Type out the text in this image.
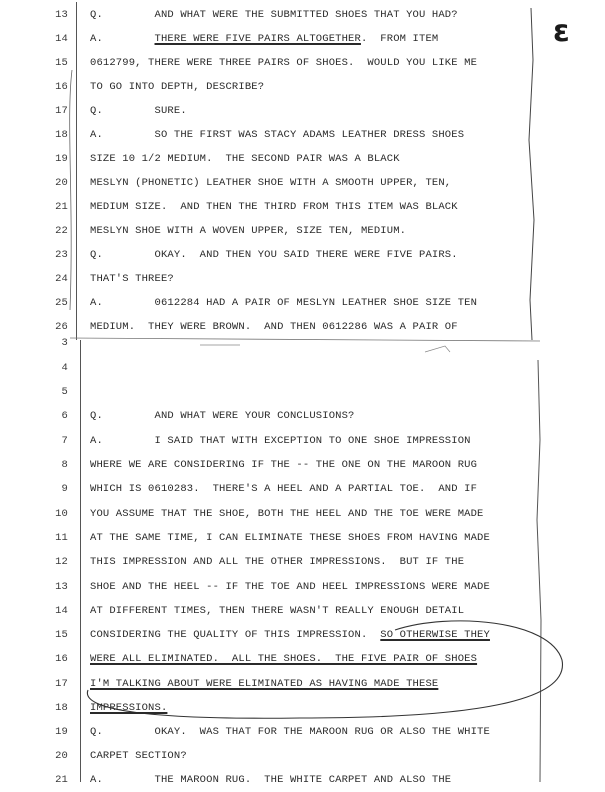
ε
13 Q.        AND WHAT WERE THE SUBMITTED SHOES THAT YOU HAD?
14 A.        THERE WERE FIVE PAIRS ALTOGETHER.  FROM ITEM
15 0612799, THERE WERE THREE PAIRS OF SHOES.  WOULD YOU LIKE ME
16 TO GO INTO DEPTH, DESCRIBE?
17 Q.        SURE.
18 A.        SO THE FIRST WAS STACY ADAMS LEATHER DRESS SHOES
19 SIZE 10 1/2 MEDIUM.  THE SECOND PAIR WAS A BLACK
20 MESLYN (PHONETIC) LEATHER SHOE WITH A SMOOTH UPPER, TEN,
21 MEDIUM SIZE.  AND THEN THE THIRD FROM THIS ITEM WAS BLACK
22 MESLYN SHOE WITH A WOVEN UPPER, SIZE TEN, MEDIUM.
23 Q.        OKAY.  AND THEN YOU SAID THERE WERE FIVE PAIRS.
24 THAT'S THREE?
25 A.        0612284 HAD A PAIR OF MESLYN LEATHER SHOE SIZE TEN
26 MEDIUM.  THEY WERE BROWN.  AND THEN 0612286 WAS A PAIR OF
3
4
5
6 Q.        AND WHAT WERE YOUR CONCLUSIONS?
7 A.        I SAID THAT WITH EXCEPTION TO ONE SHOE IMPRESSION
8 WHERE WE ARE CONSIDERING IF THE -- THE ONE ON THE MAROON RUG
9 WHICH IS 0610283.  THERE'S A HEEL AND A PARTIAL TOE.  AND IF
10 YOU ASSUME THAT THE SHOE, BOTH THE HEEL AND THE TOE WERE MADE
11 AT THE SAME TIME, I CAN ELIMINATE THESE SHOES FROM HAVING MADE
12 THIS IMPRESSION AND ALL THE OTHER IMPRESSIONS.  BUT IF THE
13 SHOE AND THE HEEL -- IF THE TOE AND HEEL IMPRESSIONS WERE MADE
14 AT DIFFERENT TIMES, THEN THERE WASN'T REALLY ENOUGH DETAIL
15 CONSIDERING THE QUALITY OF THIS IMPRESSION.  SO OTHERWISE THEY
16 WERE ALL ELIMINATED.  ALL THE SHOES.  THE FIVE PAIR OF SHOES
17 I'M TALKING ABOUT WERE ELIMINATED AS HAVING MADE THESE
18 IMPRESSIONS.
19 Q.        OKAY.  WAS THAT FOR THE MAROON RUG OR ALSO THE WHITE
20 CARPET SECTION?
21 A.        THE MAROON RUG.  THE WHITE CARPET AND ALSO THE
